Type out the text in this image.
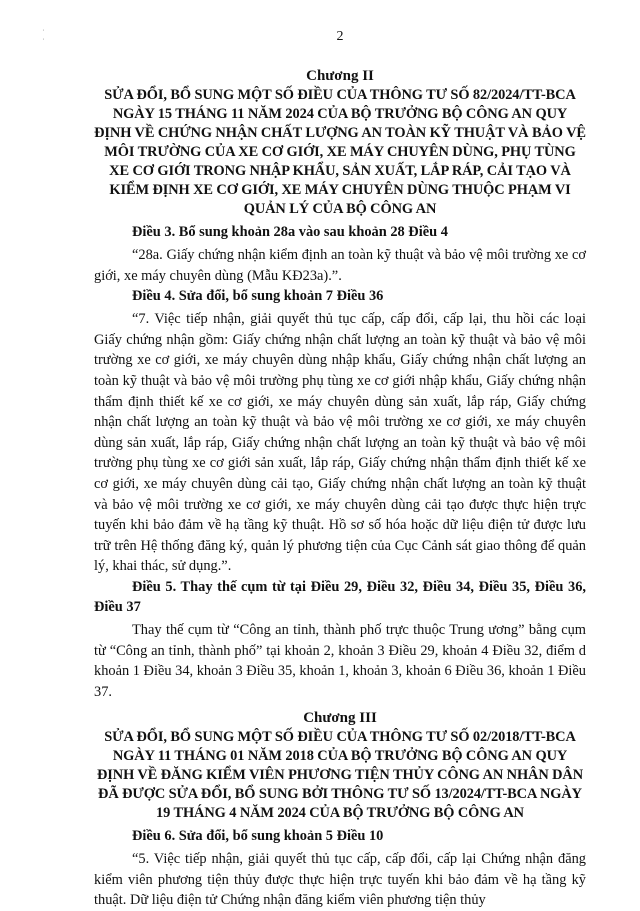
˙
˙	2
Chương II
SỬA ĐỔI, BỔ SUNG MỘT SỐ ĐIỀU CỦA THÔNG TƯ SỐ 82/2024/TT-BCA NGÀY 15 THÁNG 11 NĂM 2024 CỦA BỘ TRƯỞNG BỘ CÔNG AN QUY ĐỊNH VỀ CHỨNG NHẬN CHẤT LƯỢNG AN TOÀN KỸ THUẬT VÀ BẢO VỆ MÔI TRƯỜNG CỦA XE CƠ GIỚI, XE MÁY CHUYÊN DÙNG, PHỤ TÙNG XE CƠ GIỚI TRONG NHẬP KHẨU, SẢN XUẤT, LẮP RÁP, CẢI TẠO VÀ KIỂM ĐỊNH XE CƠ GIỚI, XE MÁY CHUYÊN DÙNG THUỘC PHẠM VI QUẢN LÝ CỦA BỘ CÔNG AN
Điều 3. Bổ sung khoản 28a vào sau khoản 28 Điều 4
“28a. Giấy chứng nhận kiểm định an toàn kỹ thuật và bảo vệ môi trường xe cơ giới, xe máy chuyên dùng (Mẫu KĐ23a).”.
Điều 4. Sửa đổi, bổ sung khoản 7 Điều 36
“7. Việc tiếp nhận, giải quyết thủ tục cấp, cấp đổi, cấp lại, thu hồi các loại Giấy chứng nhận gồm: Giấy chứng nhận chất lượng an toàn kỹ thuật và bảo vệ môi trường xe cơ giới, xe máy chuyên dùng nhập khẩu, Giấy chứng nhận chất lượng an toàn kỹ thuật và bảo vệ môi trường phụ tùng xe cơ giới nhập khẩu, Giấy chứng nhận thẩm định thiết kế xe cơ giới, xe máy chuyên dùng sản xuất, lắp ráp, Giấy chứng nhận chất lượng an toàn kỹ thuật và bảo vệ môi trường xe cơ giới, xe máy chuyên dùng sản xuất, lắp ráp, Giấy chứng nhận chất lượng an toàn kỹ thuật và bảo vệ môi trường phụ tùng xe cơ giới sản xuất, lắp ráp, Giấy chứng nhận thẩm định thiết kế xe cơ giới, xe máy chuyên dùng cải tạo, Giấy chứng nhận chất lượng an toàn kỹ thuật và bảo vệ môi trường xe cơ giới, xe máy chuyên dùng cải tạo được thực hiện trực tuyến khi bảo đảm về hạ tầng kỹ thuật. Hồ sơ số hóa hoặc dữ liệu điện tử được lưu trữ trên Hệ thống đăng ký, quản lý phương tiện của Cục Cảnh sát giao thông để quản lý, khai thác, sử dụng.”.
Điều 5. Thay thế cụm từ tại Điều 29, Điều 32, Điều 34, Điều 35, Điều 36, Điều 37
Thay thế cụm từ “Công an tỉnh, thành phố trực thuộc Trung ương” bằng cụm từ “Công an tỉnh, thành phố” tại khoản 2, khoản 3 Điều 29, khoản 4 Điều 32, điểm d khoản 1 Điều 34, khoản 3 Điều 35, khoản 1, khoản 3, khoản 6 Điều 36, khoản 1 Điều 37.
Chương III
SỬA ĐỔI, BỔ SUNG MỘT SỐ ĐIỀU CỦA THÔNG TƯ SỐ 02/2018/TT-BCA NGÀY 11 THÁNG 01 NĂM 2018 CỦA BỘ TRƯỞNG BỘ CÔNG AN QUY ĐỊNH VỀ ĐĂNG KIỂM VIÊN PHƯƠNG TIỆN THỦY CÔNG AN NHÂN DÂN ĐÃ ĐƯỢC SỬA ĐỔI, BỔ SUNG BỞI THÔNG TƯ SỐ 13/2024/TT-BCA NGÀY 19 THÁNG 4 NĂM 2024 CỦA BỘ TRƯỞNG BỘ CÔNG AN
Điều 6. Sửa đổi, bổ sung khoản 5 Điều 10
“5. Việc tiếp nhận, giải quyết thủ tục cấp, cấp đổi, cấp lại Chứng nhận đăng kiểm viên phương tiện thủy được thực hiện trực tuyến khi bảo đảm về hạ tầng kỹ thuật. Dữ liệu điện tử Chứng nhận đăng kiểm viên phương tiện thủy
